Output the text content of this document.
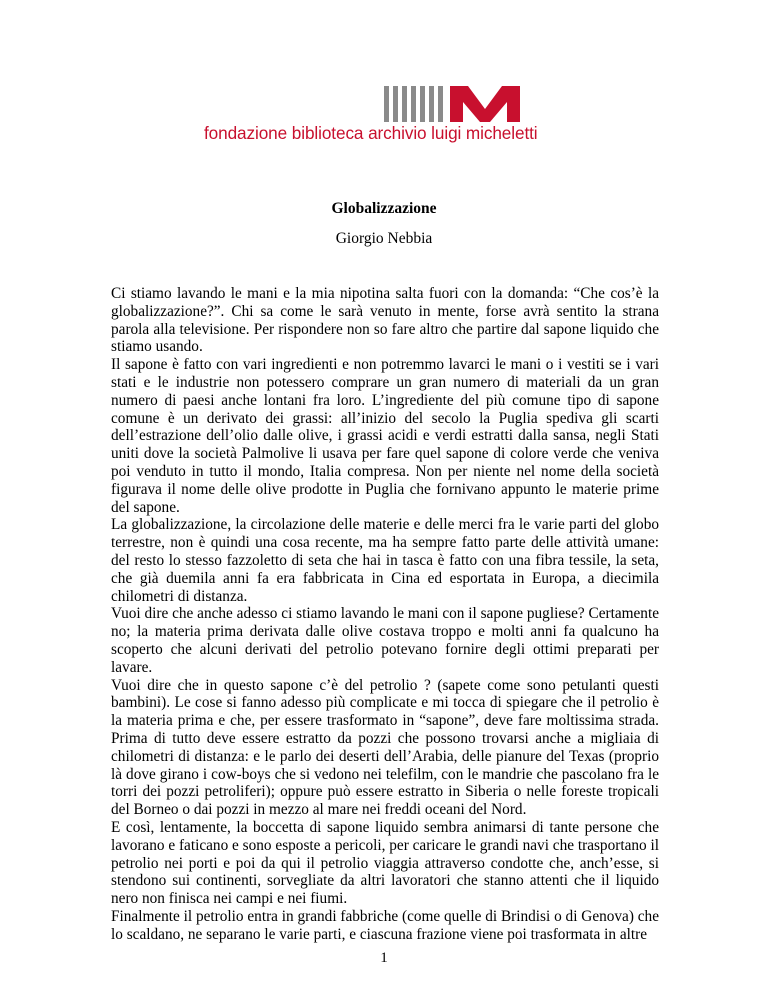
fondazione biblioteca archivio luigi micheletti
Globalizzazione
Giorgio Nebbia

Ci stiamo lavando le mani e la mia nipotina salta fuori con la domanda: “Che cos’è la globalizzazione?”. Chi sa come le sarà venuto in mente, forse avrà sentito la strana parola alla televisione. Per rispondere non so fare altro che partire dal sapone liquido che stiamo usando.

Il sapone è fatto con vari ingredienti e non potremmo lavarci le mani o i vestiti se i vari stati e le industrie non potessero comprare un gran numero di materiali da un gran numero di paesi anche lontani fra loro. L’ingrediente del più comune tipo di sapone comune è un derivato dei grassi: all’inizio del secolo la Puglia spediva gli scarti dell’estrazione dell’olio dalle olive, i grassi acidi e verdi estratti dalla sansa, negli Stati uniti dove la società Palmolive li usava per fare quel sapone di colore verde che veniva poi venduto in tutto il mondo, Italia compresa. Non per niente nel nome della società figurava il nome delle olive prodotte in Puglia che fornivano appunto le materie prime del sapone.

La globalizzazione, la circolazione delle materie e delle merci fra le varie parti del globo terrestre, non è quindi una cosa recente, ma ha sempre fatto parte delle attività umane: del resto lo stesso fazzoletto di seta che hai in tasca è fatto con una fibra tessile, la seta, che già duemila anni fa era fabbricata in Cina ed esportata in Europa, a diecimila chilometri di distanza.

Vuoi dire che anche adesso ci stiamo lavando le mani con il sapone pugliese? Certamente no; la materia prima derivata dalle olive costava troppo e molti anni fa qualcuno ha scoperto che alcuni derivati del petrolio potevano fornire degli ottimi preparati per lavare.

Vuoi dire che in questo sapone c’è del petrolio ? (sapete come sono petulanti questi bambini). Le cose si fanno adesso più complicate e mi tocca di spiegare che il petrolio è la materia prima e che, per essere trasformato in “sapone”, deve fare moltissima strada. Prima di tutto deve essere estratto da pozzi che possono trovarsi anche a migliaia di chilometri di distanza: e le parlo dei deserti dell’Arabia, delle pianure del Texas (proprio là dove girano i cow-boys che si vedono nei telefilm, con le mandrie che pascolano fra le torri dei pozzi petroliferi); oppure può essere estratto in Siberia o nelle foreste tropicali del Borneo o dai pozzi in mezzo al mare nei freddi oceani del Nord.

E così, lentamente, la boccetta di sapone liquido sembra animarsi di tante persone che lavorano e faticano e sono esposte a pericoli, per caricare le grandi navi che trasportano il petrolio nei porti e poi da qui il petrolio viaggia attraverso condotte che, anch’esse, si stendono sui continenti, sorvegliate da altri lavoratori che stanno attenti che il liquido nero non finisca nei campi e nei fiumi.

Finalmente il petrolio entra in grandi fabbriche (come quelle di Brindisi o di Genova) che lo scaldano, ne separano le varie parti, e ciascuna frazione viene poi trasformata in altre

1
